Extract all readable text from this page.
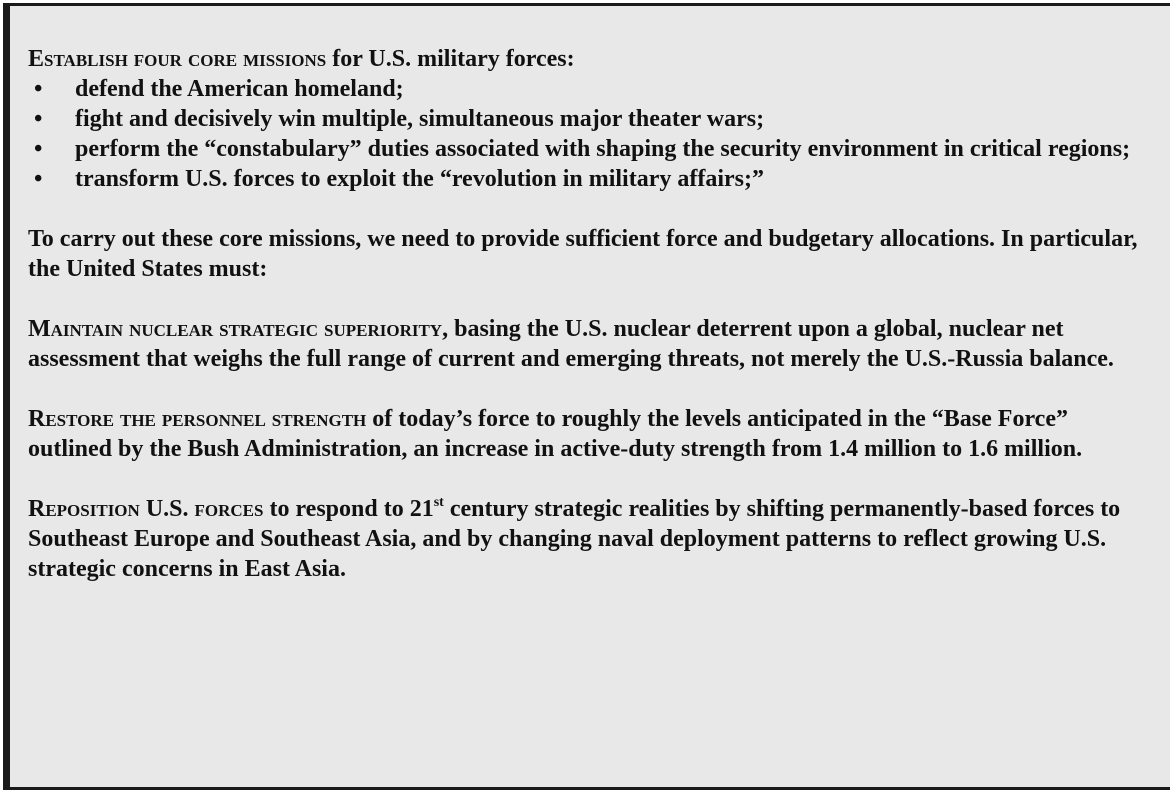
Establish four core missions for U.S. military forces:

• defend the American homeland;
• fight and decisively win multiple, simultaneous major theater wars;
• perform the “constabulary” duties associated with shaping the security environment in critical regions;
• transform U.S. forces to exploit the “revolution in military affairs;”

To carry out these core missions, we need to provide sufficient force and budgetary allocations. In particular, the United States must:

Maintain nuclear strategic superiority, basing the U.S. nuclear deterrent upon a global, nuclear net assessment that weighs the full range of current and emerging threats, not merely the U.S.-Russia balance.

Restore the personnel strength of today’s force to roughly the levels anticipated in the “Base Force” outlined by the Bush Administration, an increase in active-duty strength from 1.4 million to 1.6 million.

Reposition U.S. forces to respond to 21st century strategic realities by shifting permanently-based forces to Southeast Europe and Southeast Asia, and by changing naval deployment patterns to reflect growing U.S. strategic concerns in East Asia.
